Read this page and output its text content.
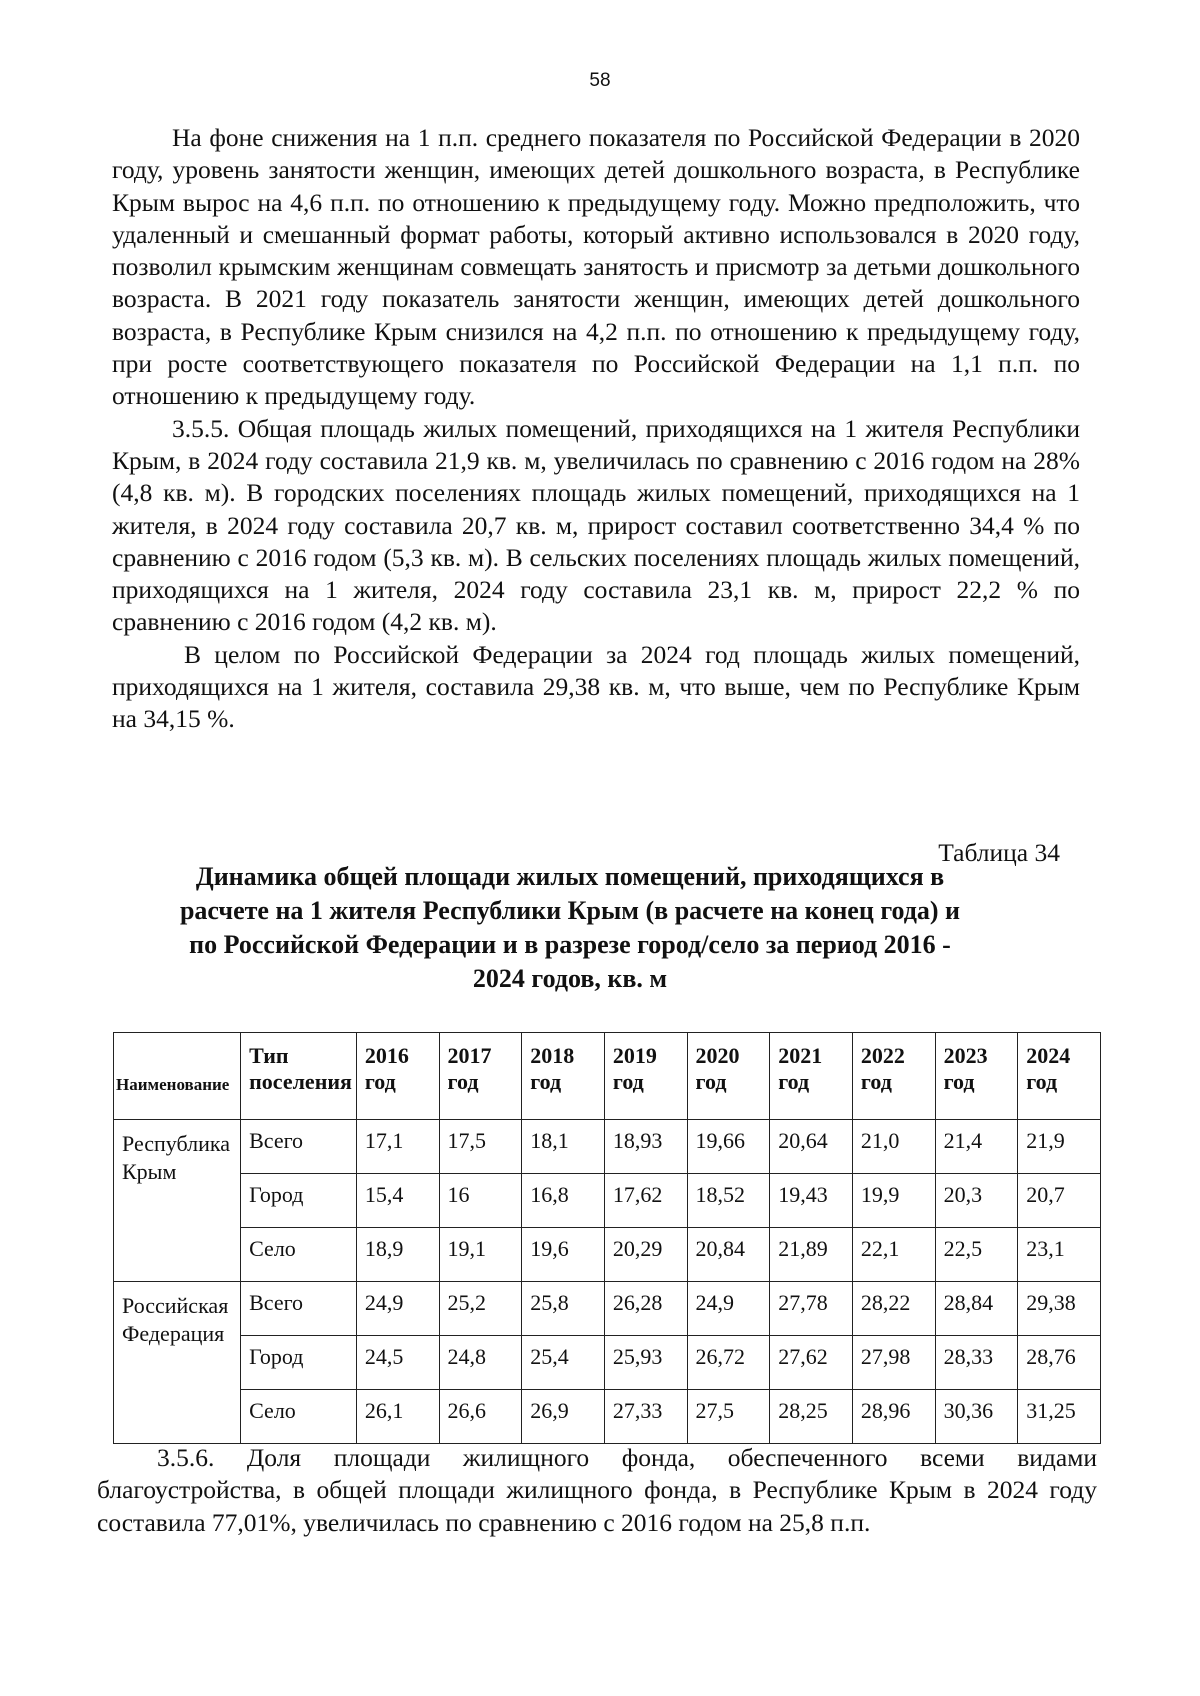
58

На фоне снижения на 1 п.п. среднего показателя по Российской Федерации в 2020 году, уровень занятости женщин, имеющих детей дошкольного возраста, в Республике Крым вырос на 4,6 п.п. по отношению к предыдущему году. Можно предположить, что удаленный и смешанный формат работы, который активно использовался в 2020 году, позволил крымским женщинам совмещать занятость и присмотр за детьми дошкольного возраста. В 2021 году показатель занятости женщин, имеющих детей дошкольного возраста, в Республике Крым снизился на 4,2 п.п. по отношению к предыдущему году, при росте соответствующего показателя по Российской Федерации на 1,1 п.п. по отношению к предыдущему году.

3.5.5. Общая площадь жилых помещений, приходящихся на 1 жителя Республики Крым, в 2024 году составила 21,9 кв. м, увеличилась по сравнению с 2016 годом на 28% (4,8 кв. м). В городских поселениях площадь жилых помещений, приходящихся на 1 жителя, в 2024 году составила 20,7 кв. м, прирост составил соответственно 34,4 % по сравнению с 2016 годом (5,3 кв. м). В сельских поселениях площадь жилых помещений, приходящихся на 1 жителя, 2024 году составила 23,1 кв. м, прирост 22,2 % по сравнению с 2016 годом (4,2 кв. м).

В целом по Российской Федерации за 2024 год площадь жилых помещений, приходящихся на 1 жителя, составила 29,38 кв. м, что выше, чем по Республике Крым на 34,15 %.

Таблица 34
Динамика общей площади жилых помещений, приходящихся в расчете на 1 жителя Республики Крым (в расчете на конец года) и по Российской Федерации и в разрезе город/село за период 2016 - 2024 годов, кв. м
Наименование	Тип поселения	2016 год	2017 год	2018 год	2019 год	2020 год	2021 год	2022 год	2023 год	2024 год
Республика Крым	Всего	17,1	17,5	18,1	18,93	19,66	20,64	21,0	21,4	21,9
	Город	15,4	16	16,8	17,62	18,52	19,43	19,9	20,3	20,7
	Село	18,9	19,1	19,6	20,29	20,84	21,89	22,1	22,5	23,1
Российская Федерация	Всего	24,9	25,2	25,8	26,28	24,9	27,78	28,22	28,84	29,38
	Город	24,5	24,8	25,4	25,93	26,72	27,62	27,98	28,33	28,76
	Село	26,1	26,6	26,9	27,33	27,5	28,25	28,96	30,36	31,25

3.5.6. Доля площади жилищного фонда, обеспеченного всеми видами благоустройства, в общей площади жилищного фонда, в Республике Крым в 2024 году составила 77,01%, увеличилась по сравнению с 2016 годом на 25,8 п.п.
